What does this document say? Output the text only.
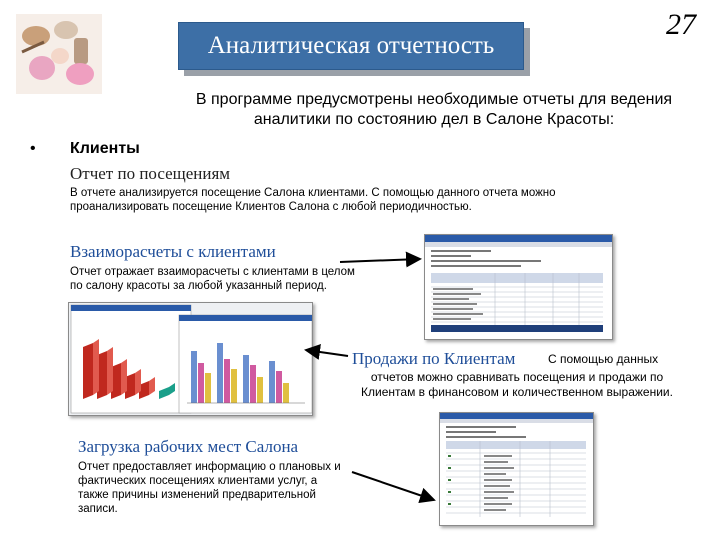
Аналитическая отчетность
27
В программе предусмотрены необходимые отчеты для ведения аналитики по состоянию дел в Салоне Красоты:
• Клиенты
Отчет по посещениям
В отчете анализируется посещение Салона клиентами. С помощью данного отчета можно проанализировать посещение Клиентов Салона с любой периодичностью.
Взаиморасчеты с клиентами
Отчет отражает взаиморасчеты с клиентами в целом по салону красоты за любой указанный период.
Продажи по Клиентам	С помощью данных
отчетов можно сравнивать посещения и продажи по Клиентам в финансовом и количественном выражении.
Загрузка рабочих мест Салона
Отчет предоставляет информацию о плановых и фактических посещениях клиентами услуг, а также причины изменений предварительной записи.
